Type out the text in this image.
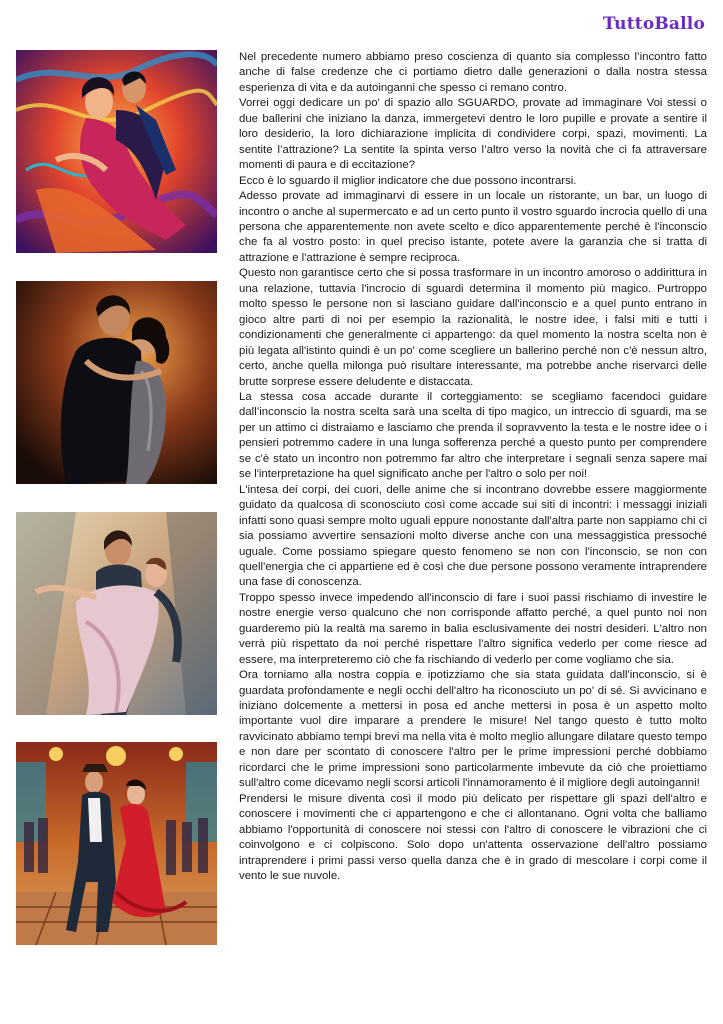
TuttoBallo

Nel precedente numero abbiamo preso coscienza di quanto sia complesso l’incontro fatto anche di false credenze che ci portiamo dietro dalle generazioni o dalla nostra stessa esperienza di vita e da autoinganni che spesso ci remano contro.

Vorrei oggi dedicare un po' di spazio allo SGUARDO, provate ad immaginare Voi stessi o due ballerini che iniziano la danza, immergetevi dentro le loro pupille e provate a sentire il loro desiderio, la loro dichiarazione implicita di condividere corpi, spazi, movimenti. La sentite l’attrazione? La sentite la spinta verso l’altro verso la novità che ci fa attraversare momenti di paura e di eccitazione?

Ecco è lo sguardo il miglior indicatore che due possono incontrarsi.

Adesso provate ad immaginarvi di essere in un locale un ristorante, un bar, un luogo di incontro o anche al supermercato e ad un certo punto il vostro sguardo incrocia quello di una persona che apparentemente non avete scelto e dico apparentemente perché è l'inconscio che fa al vostro posto: in quel preciso istante, potete avere la garanzia che si tratta di attrazione e l'attrazione è sempre reciproca.

Questo non garantisce certo che si possa trasformare in un incontro amoroso o addirittura in una relazione, tuttavia l'incrocio di sguardi determina il momento più magico. Purtroppo molto spesso le persone non si lasciano guidare dall'inconscio e a quel punto entrano in gioco altre parti di noi per esempio la razionalità, le nostre idee, i falsi miti e tutti i condizionamenti che generalmente ci appartengo: da quel momento la nostra scelta non è più legata all'istinto quindi è un po' come scegliere un ballerino perché non c'è nessun altro, certo, anche quella milonga può risultare interessante, ma potrebbe anche riservarci delle brutte sorprese essere deludente e distaccata.

La stessa cosa accade durante il corteggiamento: se scegliamo facendoci guidare dall’inconscio la nostra scelta sarà una scelta di tipo magico, un intreccio di sguardi, ma se per un attimo ci distraiamo e lasciamo che prenda il sopravvento la testa e le nostre idee o i pensieri potremmo cadere in una lunga sofferenza perché a questo punto per comprendere se c'è stato un incontro non potremmo far altro che interpretare i segnali senza sapere mai se l'interpretazione ha quel significato anche per l'altro o solo per noi!

L'intesa dei corpi, dei cuori, delle anime che si incontrano dovrebbe essere maggiormente guidato da qualcosa di sconosciuto così come accade sui siti di incontri: i messaggi iniziali infatti sono quasi sempre molto uguali eppure nonostante dall'altra parte non sappiamo chi ci sia possiamo avvertire sensazioni molto diverse anche con una messaggistica pressoché uguale. Come possiamo spiegare questo fenomeno se non con l'inconscio, se non con quell'energia che ci appartiene ed è così che due persone possono veramente intraprendere una fase di conoscenza.

Troppo spesso invece impedendo all'inconscio di fare i suoi passi rischiamo di investire le nostre energie verso qualcuno che non corrisponde affatto perché, a quel punto noi non guarderemo più la realtà ma saremo in balia esclusivamente dei nostri desideri. L'altro non verrà più rispettato da noi perché rispettare l'altro significa vederlo per come riesce ad essere, ma interpreteremo ciò che fa rischiando di vederlo per come vogliamo che sia.

Ora torniamo alla nostra coppia e ipotizziamo che sia stata guidata dall'inconscio, si è guardata profondamente e negli occhi dell'altro ha riconosciuto un po' di sé. Si avvicinano e iniziano dolcemente a mettersi in posa ed anche mettersi in posa è un aspetto molto importante vuol dire imparare a prendere le misure! Nel tango questo è tutto molto ravvicinato abbiamo tempi brevi ma nella vita è molto meglio allungare dilatare questo tempo e non dare per scontato di conoscere l'altro per le prime impressioni perché dobbiamo ricordarci che le prime impressioni sono particolarmente imbevute da ciò che proiettiamo sull'altro come dicevamo negli scorsi articoli l'innamoramento è il migliore degli autoinganni!

Prendersi le misure diventa così il modo più delicato per rispettare gli spazi dell'altro e conoscere i movimenti che ci appartengono e che ci allontanano. Ogni volta che balliamo abbiamo l'opportunità di conoscere noi stessi con l'altro di conoscere le vibrazioni che ci coinvolgono e ci colpiscono. Solo dopo un'attenta osservazione dell'altro possiamo intraprendere i primi passi verso quella danza che è in grado di mescolare i corpi come il vento le sue nuvole.
